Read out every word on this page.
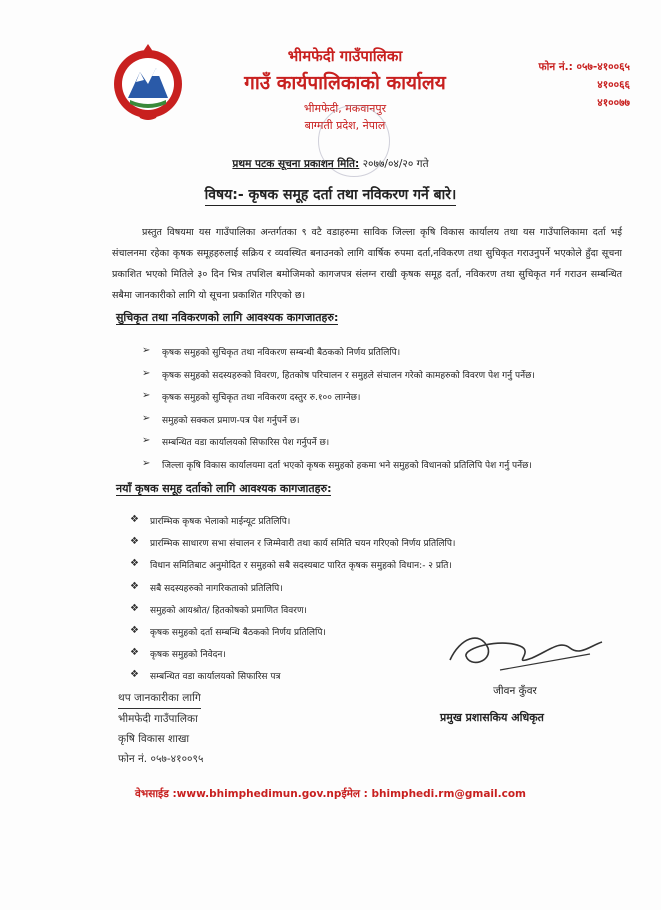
भीमफेदी गाउँपालिका
गाउँ कार्यपालिकाको कार्यालय
भीमफेदी, मकवानपुर
बाग्मती प्रदेश, नेपाल
फोन नं.: ०५७-४१००६५
४१००६६
४१००७७
प्रथम पटक सूचना प्रकाशन मिति: २०७७/०४/२० गते
विषय:- कृषक समूह दर्ता तथा नविकरण गर्ने बारे।
प्रस्तुत विषयमा यस गाउँपालिका अन्तर्गतका ९ वटै वडाहरुमा साविक जिल्ला कृषि विकास कार्यालय तथा यस गाउँपालिकामा दर्ता भई संचालनमा रहेका कृषक समूहहरुलाई सक्रिय र व्यवस्थित बनाउनको लागि वार्षिक रुपमा दर्ता,नविकरण तथा सुचिकृत गराउनुपर्ने भएकोले हुँदा सूचना प्रकाशित भएको मितिले ३० दिन भित्र तपशिल बमोजिमको कागजपत्र संलग्न राखी कृषक समूह दर्ता, नविकरण तथा सुचिकृत गर्न गराउन सम्बन्धित सबैमा जानकारीको लागि यो सूचना प्रकाशित गरिएको छ।
सुचिकृत तथा नविकरणको लागि आवश्यक कागजातहरु:
➢	कृषक समुहको सुचिकृत तथा नविकरण सम्बन्धी बैठकको निर्णय प्रतिलिपि।
➢	कृषक समुहको सदस्यहरुको विवरण, हितकोष परिचालन र समुहले संचालन गरेको कामहरुको विवरण पेश गर्नु पर्नेछ।
➢	कृषक समुहको सुचिकृत तथा नविकरण दस्तुर रु.१०० लाग्नेछ।
➢	समुहको सक्कल प्रमाण-पत्र पेश गर्नुपर्ने छ।
➢	सम्बन्धित वडा कार्यालयको सिफारिस पेश गर्नुपर्ने छ।
➢	जिल्ला कृषि विकास कार्यालयमा दर्ता भएको कृषक समुहको हकमा भने समुहको विधानको प्रतिलिपि पेश गर्नु पर्नेछ।
नयाँ कृषक समूह दर्ताको लागि आवश्यक कागजातहरु:
❖	प्रारम्भिक कृषक भेलाको माईन्यूट प्रतिलिपि।
❖	प्रारम्भिक साधारण सभा संचालन र जिम्मेवारी तथा कार्य समिति चयन गरिएको निर्णय प्रतिलिपि।
❖	विधान समितिबाट अनुमोदित र समुहको सबै सदस्यबाट पारित कृषक समुहको विधान:- २ प्रति।
❖	सबै सदस्यहरुको नागरिकताको प्रतिलिपि।
❖	समुहको आयश्रोत/ हितकोषको प्रमाणित विवरण।
❖	कृषक समुहको दर्ता सम्बन्धि बैठकको निर्णय प्रतिलिपि।
❖	कृषक समुहको निवेदन।
❖	सम्बन्धित वडा कार्यालयको सिफारिस पत्र
जीवन कुँवर
प्रमुख प्रशासकिय अधिकृत
थप जानकारीका लागि
भीमफेदी गाउँपालिका
कृषि विकास शाखा
फोन नं. ०५७-४१००९५
वेभसाईड :www.bhimphedimun.gov.npईमेल : bhimphedi.rm@gmail.com
